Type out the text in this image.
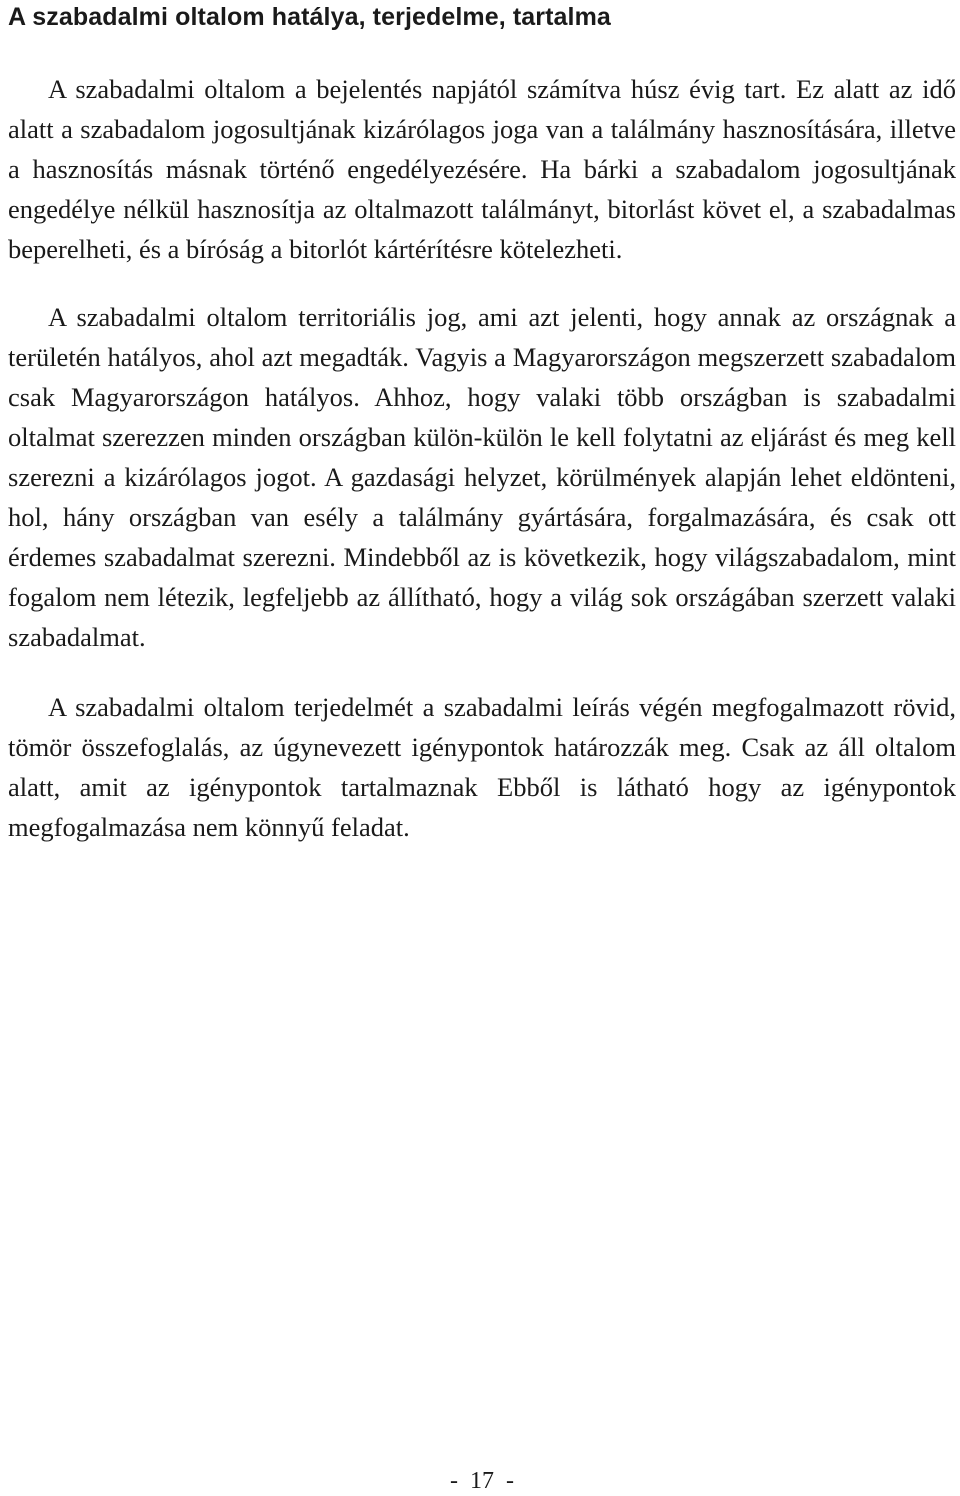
A szabadalmi oltalom hatálya, terjedelme, tartalma

A szabadalmi oltalom a bejelentés napjától számítva húsz évig tart. Ez alatt az idő alatt a szabadalom jogosultjának kizárólagos joga van a találmány hasznosítására, illetve a hasznosítás másnak történő engedélyezésére. Ha bárki a szabadalom jogosultjának engedélye nélkül hasznosítja az oltalmazott találmányt, bitorlást követ el, a szabadalmas beperelheti, és a bíróság a bitorlót kártérítésre kötelezheti.

A szabadalmi oltalom territoriális jog, ami azt jelenti, hogy annak az országnak a területén hatályos, ahol azt megadták. Vagyis a Magyarországon megszerzett szabadalom csak Magyarországon hatályos. Ahhoz, hogy valaki több országban is szabadalmi oltalmat szerezzen minden országban külön-külön le kell folytatni az eljárást és meg kell szerezni a kizárólagos jogot. A gazdasági helyzet, körülmények alapján lehet eldönteni, hol, hány országban van esély a találmány gyártására, forgalmazására, és csak ott érdemes szabadalmat szerezni. Mindebből az is következik, hogy világszabadalom, mint fogalom nem létezik, legfeljebb az állítható, hogy a világ sok országában szerzett valaki szabadalmat.

A szabadalmi oltalom terjedelmét a szabadalmi leírás végén megfogalmazott rövid, tömör összefoglalás, az úgynevezett igénypontok határozzák meg. Csak az áll oltalom alatt, amit az igénypontok tartalmaznak Ebből is látható hogy az igénypontok megfogalmazása nem könnyű feladat.

-  17  -
